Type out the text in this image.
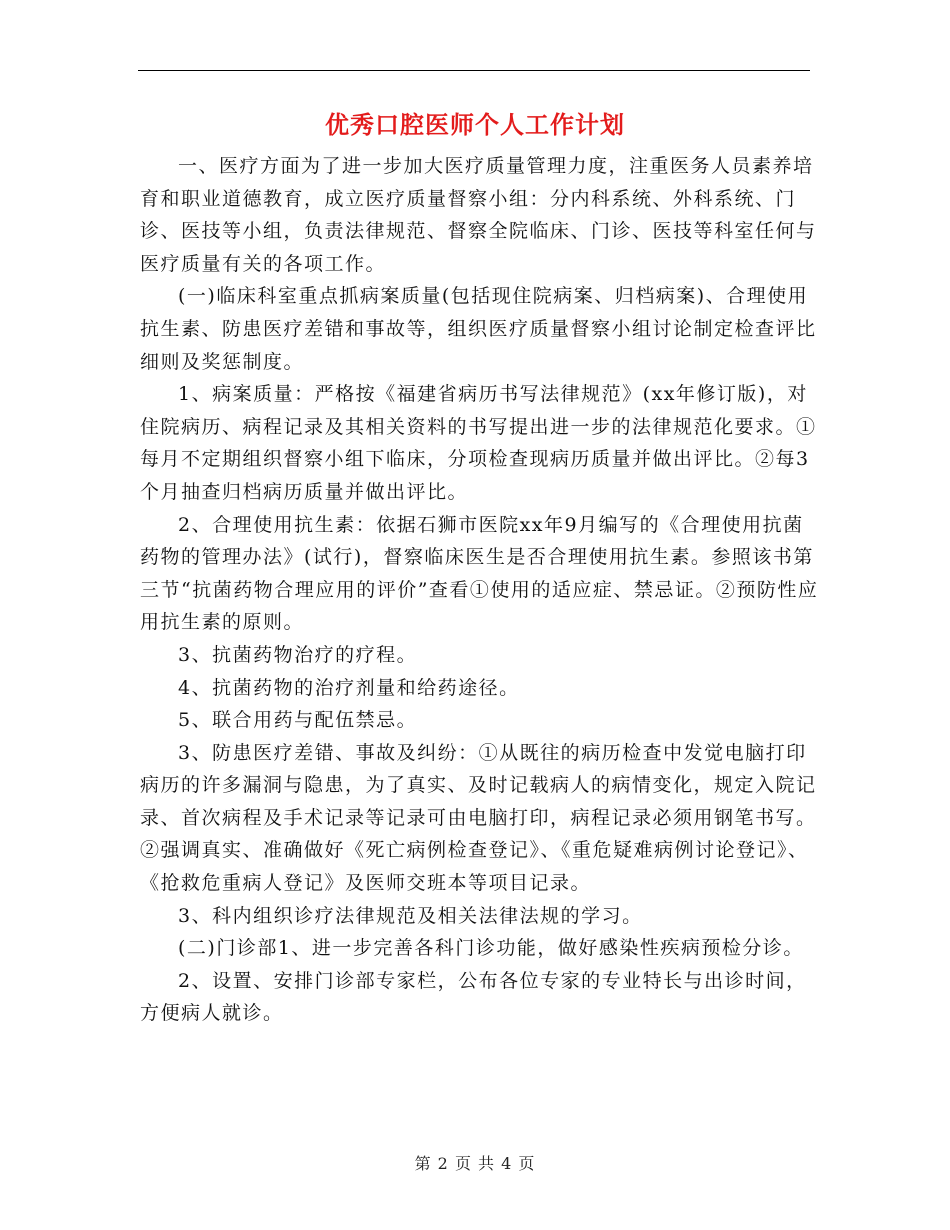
优秀口腔医师个人工作计划

一、医疗方面为了进一步加大医疗质量管理力度，注重医务人员素养培育和职业道德教育，成立医疗质量督察小组：分内科系统、外科系统、门诊、医技等小组，负责法律规范、督察全院临床、门诊、医技等科室任何与医疗质量有关的各项工作。

(一)临床科室重点抓病案质量(包括现住院病案、归档病案)、合理使用抗生素、防患医疗差错和事故等，组织医疗质量督察小组讨论制定检查评比细则及奖惩制度。

1、病案质量：严格按《福建省病历书写法律规范》(xx年修订版)，对住院病历、病程记录及其相关资料的书写提出进一步的法律规范化要求。①每月不定期组织督察小组下临床，分项检查现病历质量并做出评比。②每3个月抽查归档病历质量并做出评比。

2、合理使用抗生素：依据石狮市医院xx年9月编写的《合理使用抗菌药物的管理办法》(试行)，督察临床医生是否合理使用抗生素。参照该书第三节“抗菌药物合理应用的评价”查看①使用的适应症、禁忌证。②预防性应用抗生素的原则。

3、抗菌药物治疗的疗程。

4、抗菌药物的治疗剂量和给药途径。

5、联合用药与配伍禁忌。

3、防患医疗差错、事故及纠纷：①从既往的病历检查中发觉电脑打印病历的许多漏洞与隐患，为了真实、及时记载病人的病情变化，规定入院记录、首次病程及手术记录等记录可由电脑打印，病程记录必须用钢笔书写。②强调真实、准确做好《死亡病例检查登记》、《重危疑难病例讨论登记》、《抢救危重病人登记》及医师交班本等项目记录。

3、科内组织诊疗法律规范及相关法律法规的学习。

(二)门诊部1、进一步完善各科门诊功能，做好感染性疾病预检分诊。

2、设置、安排门诊部专家栏，公布各位专家的专业特长与出诊时间，方便病人就诊。

第 2 页 共 4 页
